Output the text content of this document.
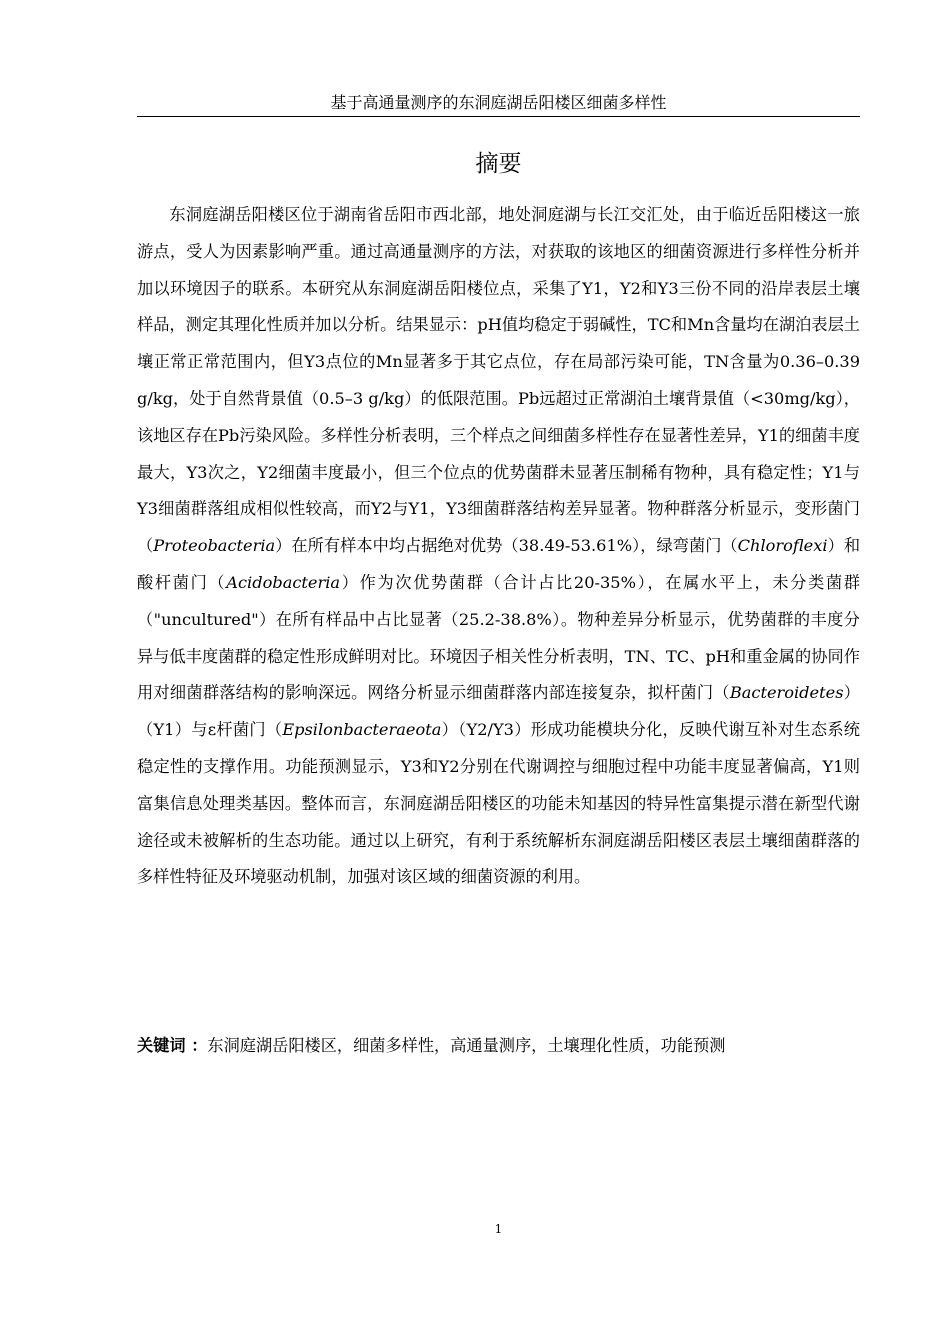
基于高通量测序的东洞庭湖岳阳楼区细菌多样性
摘要

东洞庭湖岳阳楼区位于湖南省岳阳市西北部，地处洞庭湖与长江交汇处，由于临近岳阳楼这一旅游点，受人为因素影响严重。通过高通量测序的方法，对获取的该地区的细菌资源进行多样性分析并加以环境因子的联系。本研究从东洞庭湖岳阳楼位点，采集了Y1，Y2和Y3三份不同的沿岸表层土壤样品，测定其理化性质并加以分析。结果显示：pH值均稳定于弱碱性，TC和Mn含量均在湖泊表层土壤正常正常范围内，但Y3点位的Mn显著多于其它点位，存在局部污染可能，TN含量为0.36–0.39 g/kg，处于自然背景值（0.5–3 g/kg）的低限范围。Pb远超过正常湖泊土壤背景值（<30mg/kg），该地区存在Pb污染风险。多样性分析表明，三个样点之间细菌多样性存在显著性差异，Y1的细菌丰度最大，Y3次之，Y2细菌丰度最小，但三个位点的优势菌群未显著压制稀有物种，具有稳定性；Y1与Y3细菌群落组成相似性较高，而Y2与Y1，Y3细菌群落结构差异显著。物种群落分析显示，变形菌门（Proteobacteria）在所有样本中均占据绝对优势（38.49-53.61%），绿弯菌门（Chloroflexi）和酸杆菌门（Acidobacteria）作为次优势菌群（合计占比20-35%），在属水平上，未分类菌群（"uncultured"）在所有样品中占比显著（25.2-38.8%）。物种差异分析显示，优势菌群的丰度分异与低丰度菌群的稳定性形成鲜明对比。环境因子相关性分析表明，TN、TC、pH和重金属的协同作用对细菌群落结构的影响深远。网络分析显示细菌群落内部连接复杂，拟杆菌门（Bacteroidetes）（Y1）与ε杆菌门（Epsilonbacteraeota）（Y2/Y3）形成功能模块分化，反映代谢互补对生态系统稳定性的支撑作用。功能预测显示，Y3和Y2分别在代谢调控与细胞过程中功能丰度显著偏高，Y1则富集信息处理类基因。整体而言，东洞庭湖岳阳楼区的功能未知基因的特异性富集提示潜在新型代谢途径或未被解析的生态功能。通过以上研究，有利于系统解析东洞庭湖岳阳楼区表层土壤细菌群落的多样性特征及环境驱动机制，加强对该区域的细菌资源的利用。

关键词 ：东洞庭湖岳阳楼区，细菌多样性，高通量测序，土壤理化性质，功能预测
1
